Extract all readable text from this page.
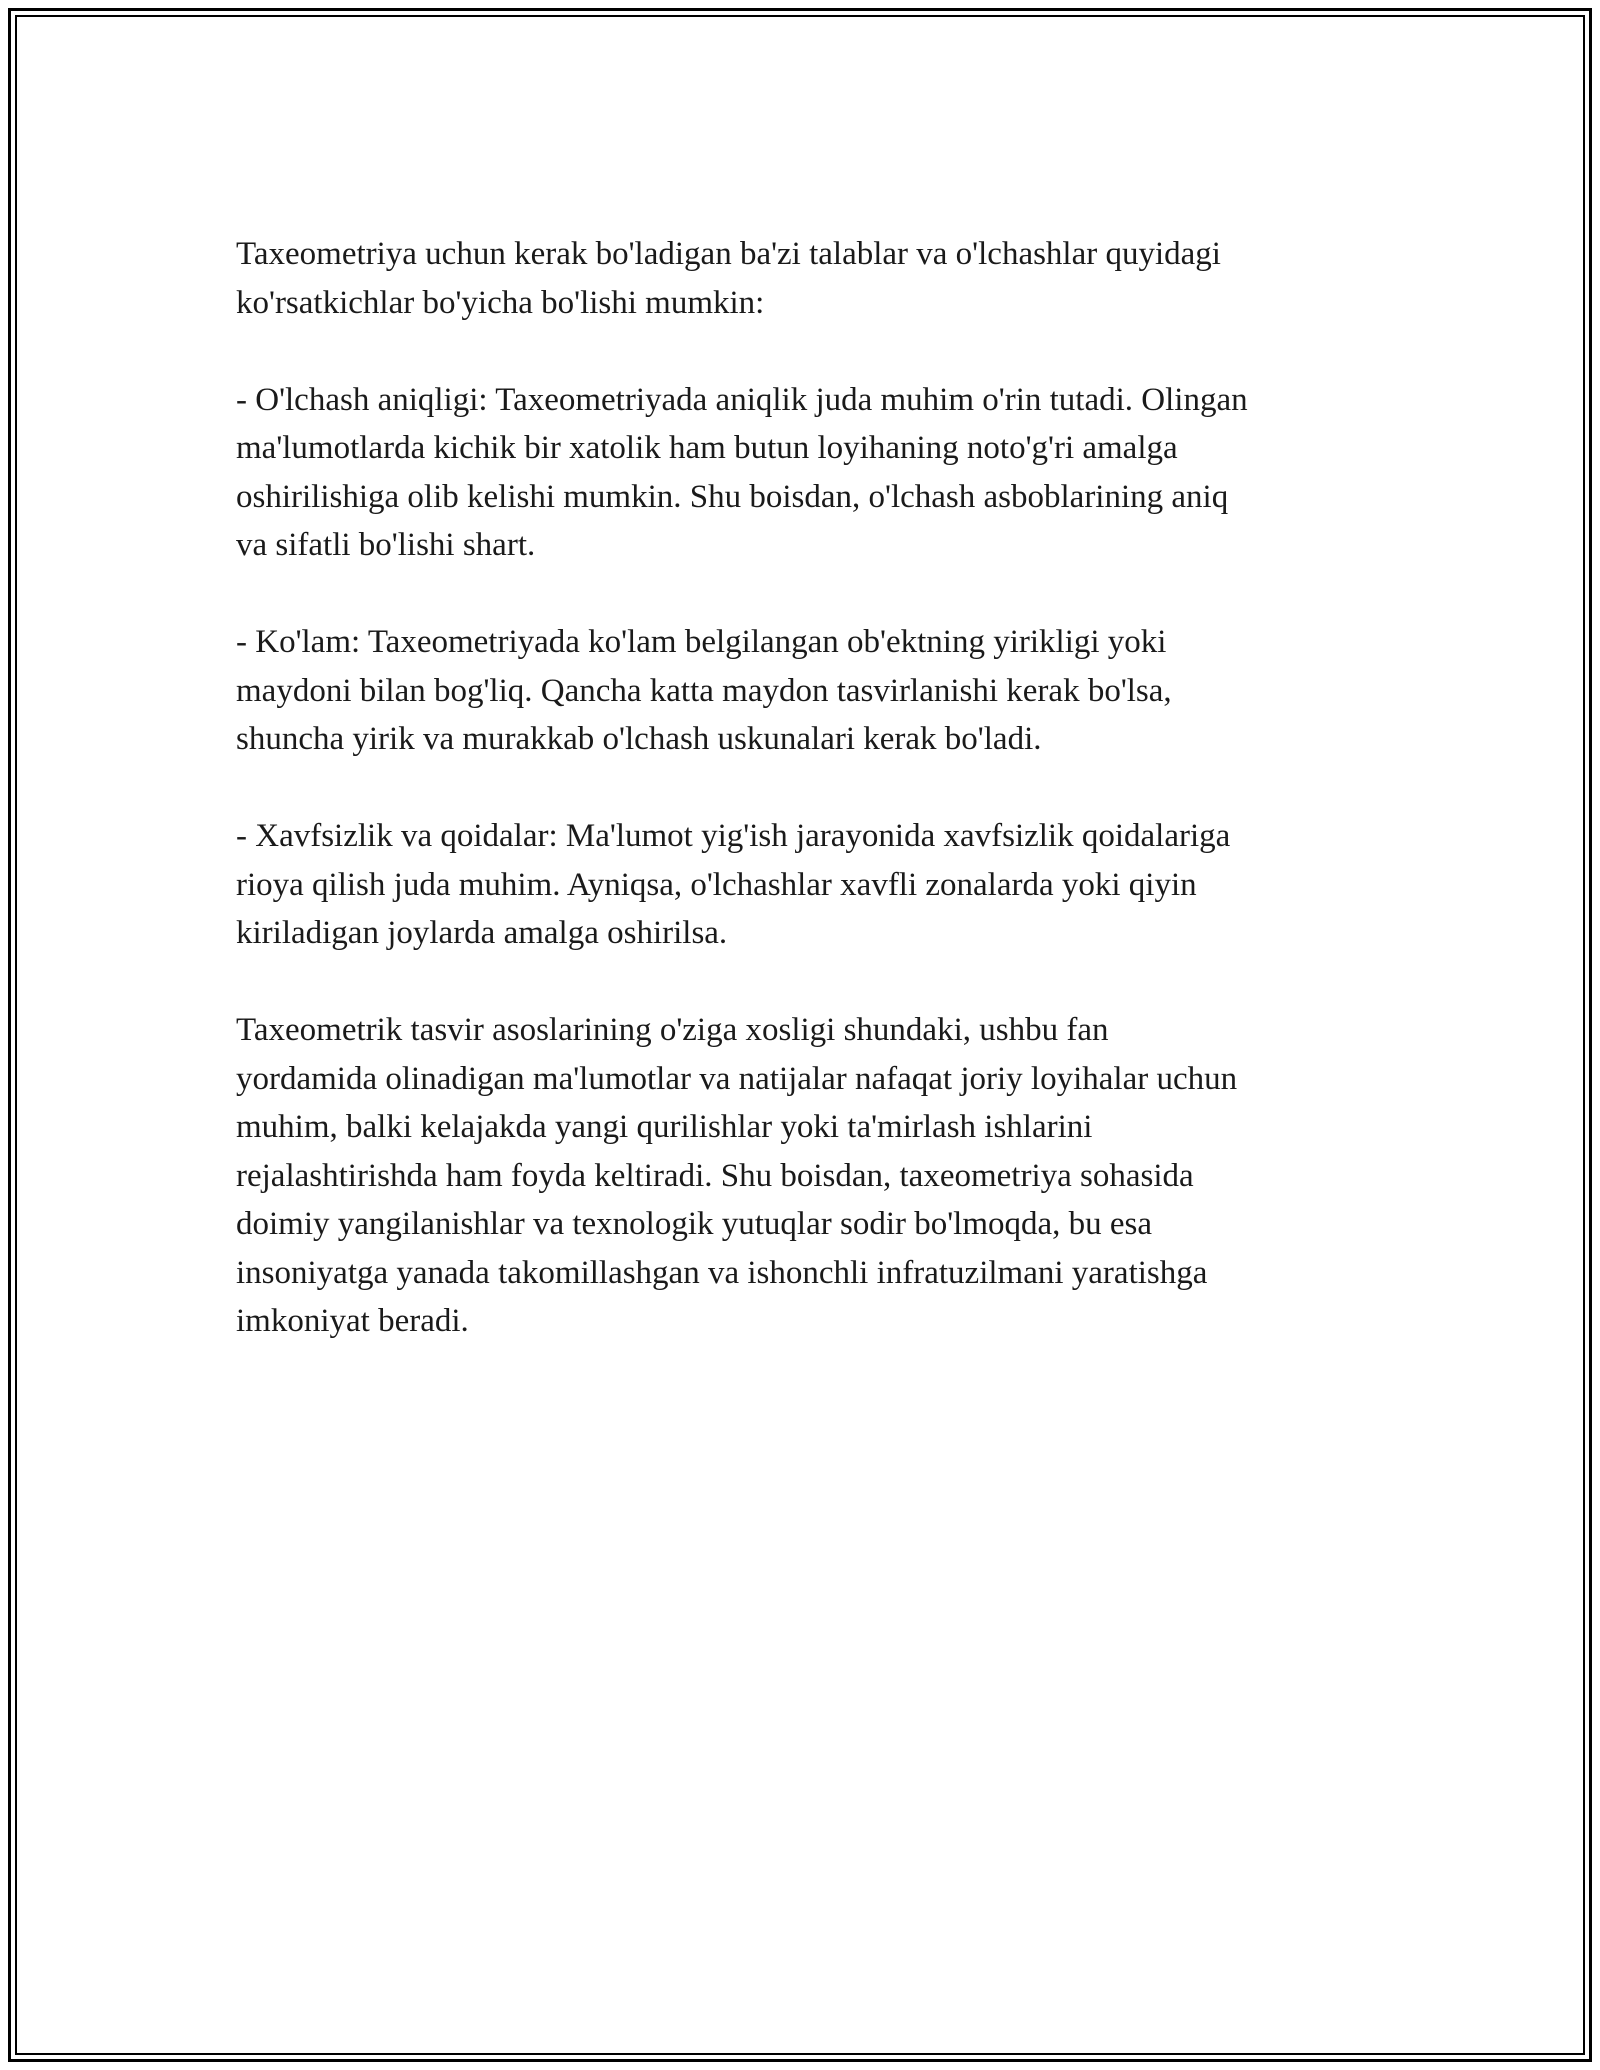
Taxeometriya uchun kerak bo'ladigan ba'zi talablar va o'lchashlar quyidagi
ko'rsatkichlar bo'yicha bo'lishi mumkin:

- O'lchash aniqligi: Taxeometriyada aniqlik juda muhim o'rin tutadi. Olingan
ma'lumotlarda kichik bir xatolik ham butun loyihaning noto'g'ri amalga
oshirilishiga olib kelishi mumkin. Shu boisdan, o'lchash asboblarining aniq
va sifatli bo'lishi shart.

- Ko'lam: Taxeometriyada ko'lam belgilangan ob'ektning yirikligi yoki
maydoni bilan bog'liq. Qancha katta maydon tasvirlanishi kerak bo'lsa,
shuncha yirik va murakkab o'lchash uskunalari kerak bo'ladi.

- Xavfsizlik va qoidalar: Ma'lumot yig'ish jarayonida xavfsizlik qoidalariga
rioya qilish juda muhim. Ayniqsa, o'lchashlar xavfli zonalarda yoki qiyin
kiriladigan joylarda amalga oshirilsa.

Taxeometrik tasvir asoslarining o'ziga xosligi shundaki, ushbu fan
yordamida olinadigan ma'lumotlar va natijalar nafaqat joriy loyihalar uchun
muhim, balki kelajakda yangi qurilishlar yoki ta'mirlash ishlarini
rejalashtirishda ham foyda keltiradi. Shu boisdan, taxeometriya sohasida
doimiy yangilanishlar va texnologik yutuqlar sodir bo'lmoqda, bu esa
insoniyatga yanada takomillashgan va ishonchli infratuzilmani yaratishga
imkoniyat beradi.
